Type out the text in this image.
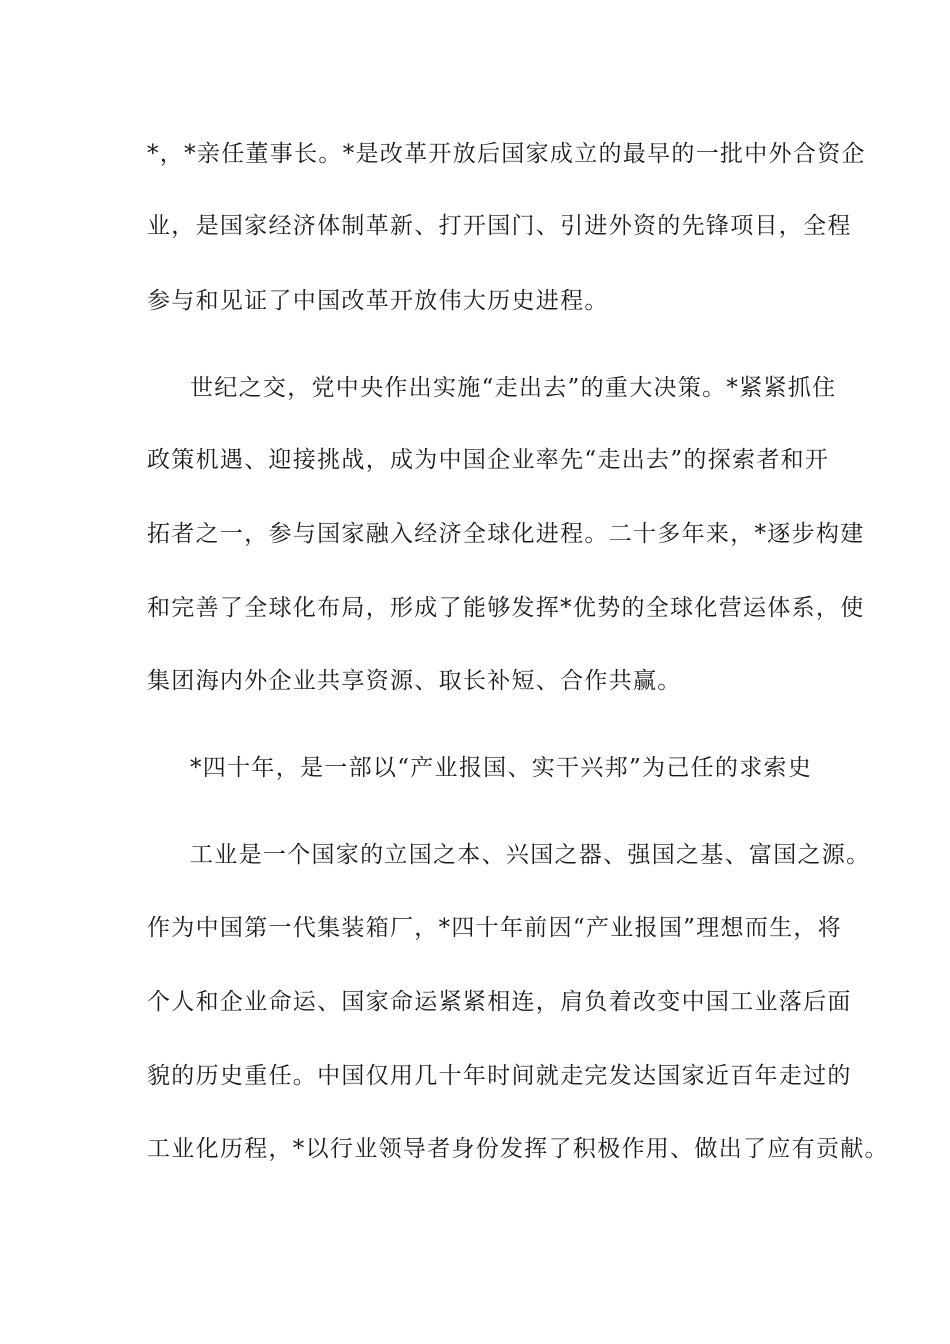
*，*亲任董事长。*是改革开放后国家成立的最早的一批中外合资企
业，是国家经济体制革新、打开国门、引进外资的先锋项目，全程
参与和见证了中国改革开放伟大历史进程。
世纪之交，党中央作出实施“走出去”的重大决策。*紧紧抓住
政策机遇、迎接挑战，成为中国企业率先“走出去”的探索者和开
拓者之一，参与国家融入经济全球化进程。二十多年来，*逐步构建
和完善了全球化布局，形成了能够发挥*优势的全球化营运体系，使
集团海内外企业共享资源、取长补短、合作共赢。
*四十年，是一部以“产业报国、实干兴邦”为己任的求索史
工业是一个国家的立国之本、兴国之器、强国之基、富国之源。
作为中国第一代集装箱厂，*四十年前因“产业报国”理想而生，将
个人和企业命运、国家命运紧紧相连，肩负着改变中国工业落后面
貌的历史重任。中国仅用几十年时间就走完发达国家近百年走过的
工业化历程，*以行业领导者身份发挥了积极作用、做出了应有贡献。
